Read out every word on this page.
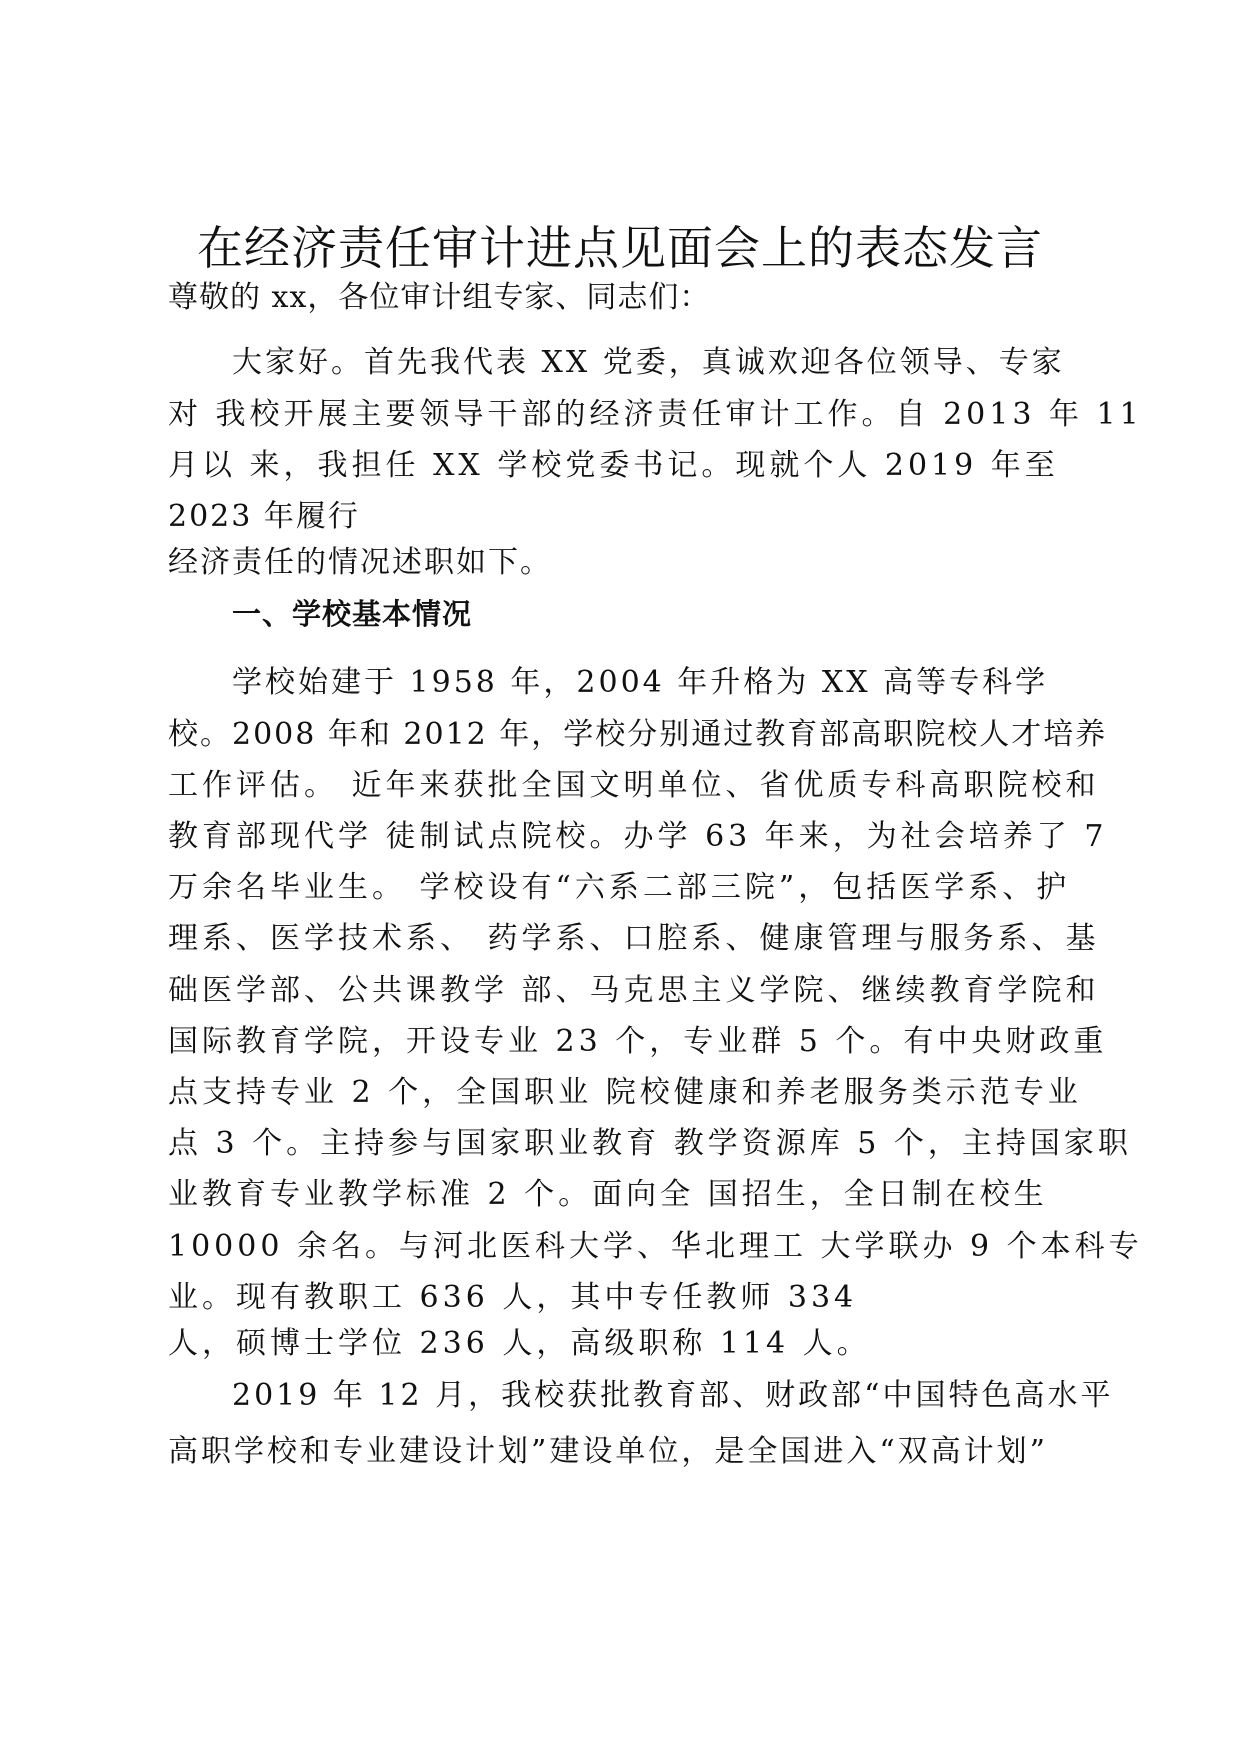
在经济责任审计进点见面会上的表态发言
尊敬的 xx，各位审计组专家、同志们：
大家好。首先我代表 XX 党委，真诚欢迎各位领导、专家
对 我校开展主要领导干部的经济责任审计工作。自 2013 年 11
月以 来，我担任 XX 学校党委书记。现就个人 2019 年至
2023 年履行
经济责任的情况述职如下。
一、学校基本情况
学校始建于 1958 年，2004 年升格为 XX 高等专科学
校。2008 年和 2012 年，学校分别通过教育部高职院校人才培养
工作评估。 近年来获批全国文明单位、省优质专科高职院校和
教育部现代学 徒制试点院校。办学 63 年来，为社会培养了 7
万余名毕业生。 学校设有“六系二部三院”，包括医学系、护
理系、医学技术系、 药学系、口腔系、健康管理与服务系、基
础医学部、公共课教学 部、马克思主义学院、继续教育学院和
国际教育学院，开设专业 23 个，专业群 5 个。有中央财政重
点支持专业 2 个，全国职业 院校健康和养老服务类示范专业
点 3 个。主持参与国家职业教育 教学资源库 5 个，主持国家职
业教育专业教学标准 2 个。面向全 国招生，全日制在校生
10000 余名。与河北医科大学、华北理工 大学联办 9 个本科专
业。现有教职工 636 人，其中专任教师 334
人，硕博士学位 236 人，高级职称 114 人。
2019 年 12 月，我校获批教育部、财政部“中国特色高水平
高职学校和专业建设计划”建设单位，是全国进入“双高计划”
